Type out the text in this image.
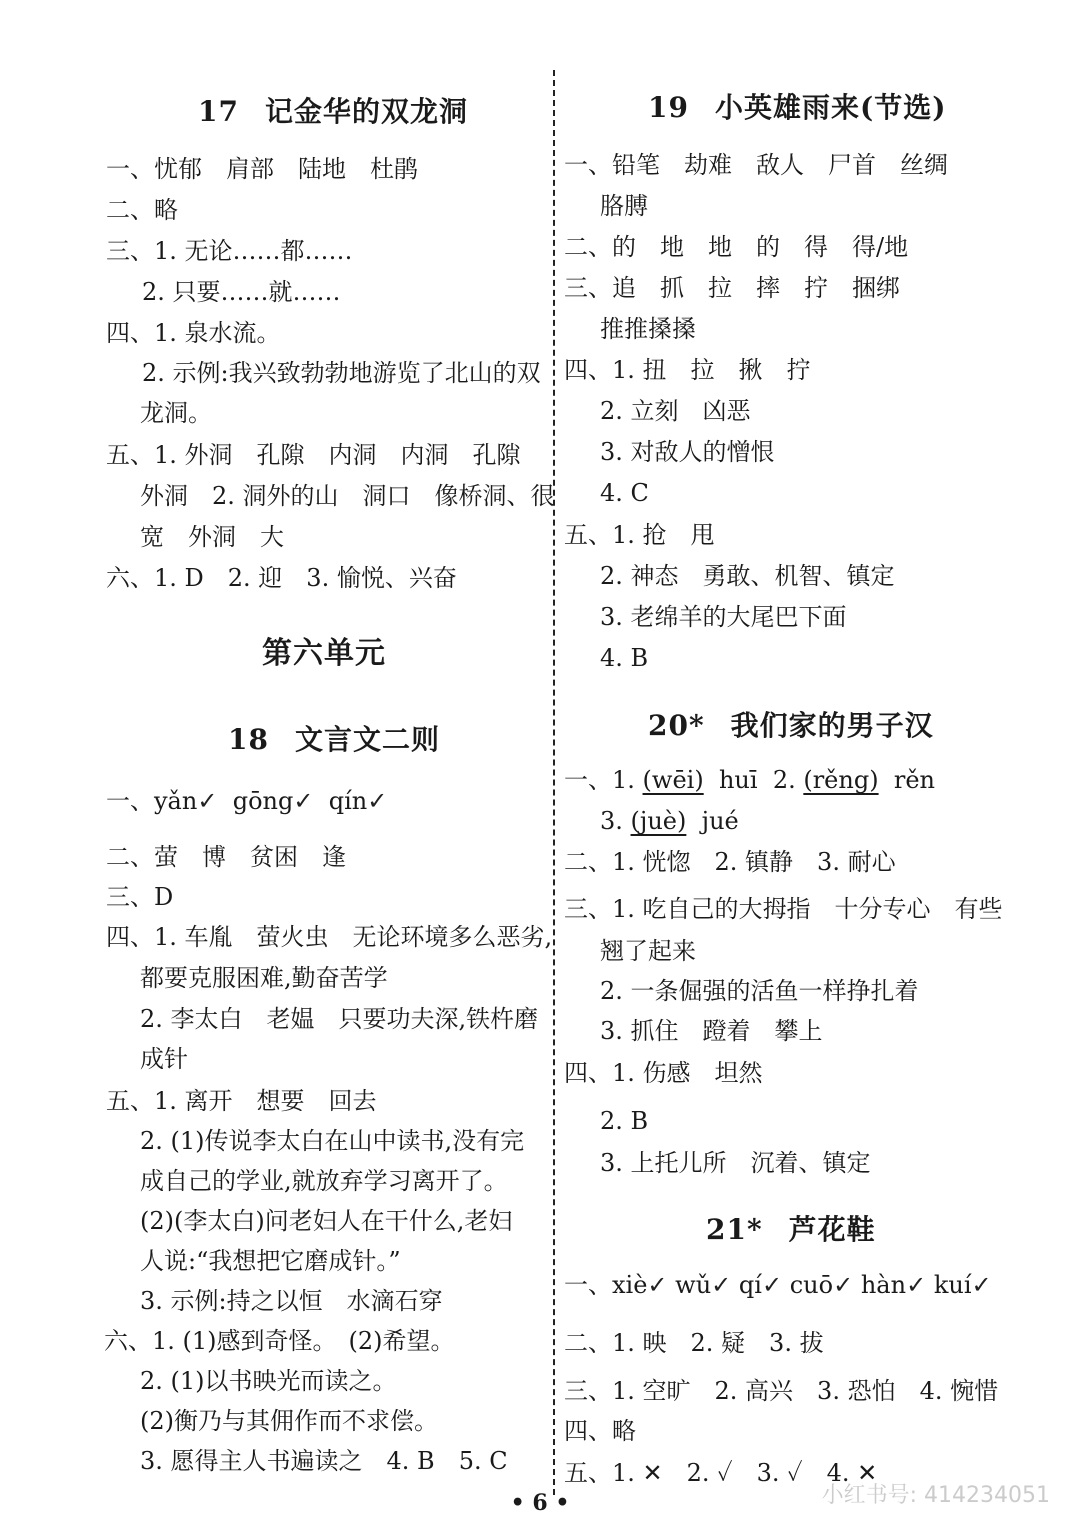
17 记金华的双龙洞
一、忧郁　肩部　陆地　杜鹃
二、略
三、1. 无论……都……
2. 只要……就……
四、1. 泉水流。
2. 示例:我兴致勃勃地游览了北山的双
龙洞。
五、1. 外洞　孔隙　内洞　内洞　孔隙
外洞　2. 洞外的山　洞口　像桥洞、很
宽　外洞　大
六、1. D　2. 迎　3. 愉悦、兴奋
第六单元
18 文言文二则
一、yǎn✓ gōng✓ qín✓
二、萤　博　贫困　逢
三、D
四、1. 车胤　萤火虫　无论环境多么恶劣,
都要克服困难,勤奋苦学
2. 李太白　老媪　只要功夫深,铁杵磨
成针
五、1. 离开　想要　回去
2. (1)传说李太白在山中读书,没有完
成自己的学业,就放弃学习离开了。
(2)(李太白)问老妇人在干什么,老妇
人说:“我想把它磨成针。”
3. 示例:持之以恒　水滴石穿
六、1. (1)感到奇怪。　(2)希望。
2. (1)以书映光而读之。
(2)衡乃与其佣作而不求偿。
3. 愿得主人书遍读之　4. B　5. C
19 小英雄雨来(节选)
一、铅笔　劫难　敌人　尸首　丝绸
胳膊
二、的　地　地　的　得　得/地
三、追　抓　拉　摔　拧　捆绑
推推搡搡
四、1. 扭　拉　揪　拧
2. 立刻　凶恶
3. 对敌人的憎恨
4. C
五、1. 抢　甩
2. 神态　勇敢、机智、镇定
3. 老绵羊的大尾巴下面
4. B
20* 我们家的男子汉
一、1. (wēi) huī 2. (rěng) rěn
3. (juè) jué
二、1. 恍惚　2. 镇静　3. 耐心
三、1. 吃自己的大拇指　十分专心　有些
翘了起来
2. 一条倔强的活鱼一样挣扎着
3. 抓住　蹬着　攀上
四、1. 伤感　坦然
2. B
3. 上托儿所　沉着、镇定
21* 芦花鞋
一、xiè✓ wǔ✓ qí✓ cuō✓ hàn✓ kuí✓
二、1. 映　2. 疑　3. 拔
三、1. 空旷　2. 高兴　3. 恐怕　4. 惋惜
四、略
五、1. ✕　2. ✓　3. ✓　4. ✕
• 6 •	小红书号: 414234051
